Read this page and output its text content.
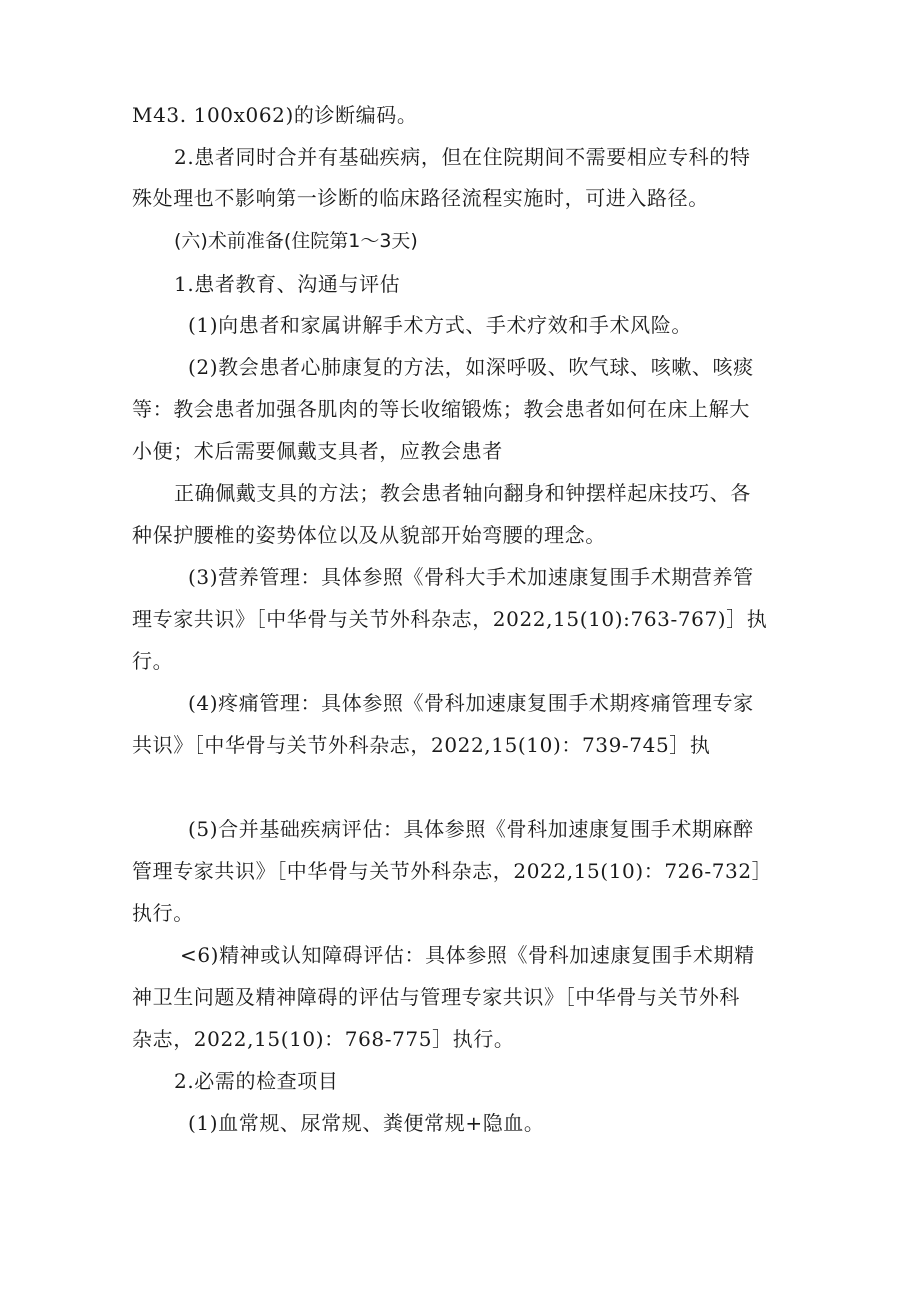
M43. 100x062)的诊断编码。
2.患者同时合并有基础疾病，但在住院期间不需要相应专科的特
殊处理也不影响第一诊断的临床路径流程实施时，可进入路径。
(六)术前准备(住院第1〜3天)
1.患者教育、沟通与评估
(1)向患者和家属讲解手术方式、手术疗效和手术风险。
(2)教会患者心肺康复的方法，如深呼吸、吹气球、咳嗽、咳痰
等：教会患者加强各肌肉的等长收缩锻炼；教会患者如何在床上解大
小便；术后需要佩戴支具者，应教会患者
正确佩戴支具的方法；教会患者轴向翻身和钟摆样起床技巧、各
种保护腰椎的姿势体位以及从貌部开始弯腰的理念。
(3)营养管理：具体参照《骨科大手术加速康复围手术期营养管
理专家共识》［中华骨与关节外科杂志，2022,15(10):763-767)］执
行。
(4)疼痛管理：具体参照《骨科加速康复围手术期疼痛管理专家
共识》［中华骨与关节外科杂志，2022,15(10)：739-745］执
(5)合并基础疾病评估：具体参照《骨科加速康复围手术期麻醉
管理专家共识》［中华骨与关节外科杂志，2022,15(10)：726-732］
执行。
<6)精神或认知障碍评估：具体参照《骨科加速康复围手术期精
神卫生问题及精神障碍的评估与管理专家共识》［中华骨与关节外科
杂志，2022,15(10)：768-775］执行。
2.必需的检查项目
(1)血常规、尿常规、粪便常规+隐血。
